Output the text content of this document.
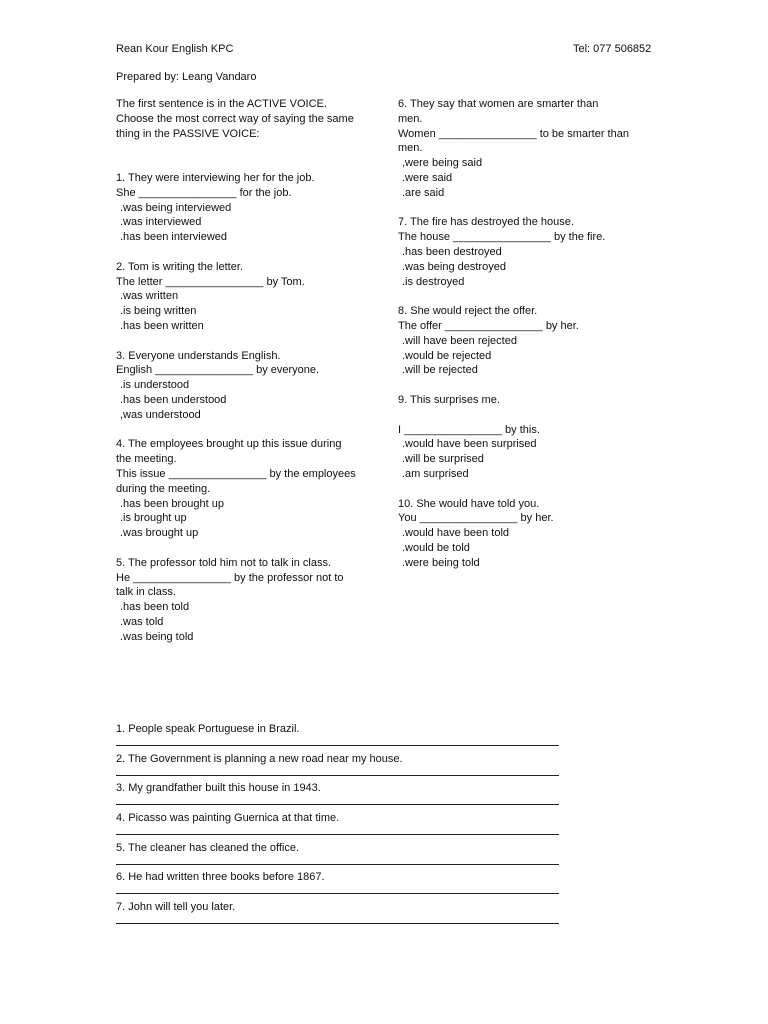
Rean Kour English KPC	Tel: 077 506852
Prepared by: Leang Vandaro
The first sentence is in the ACTIVE VOICE.
Choose the most correct way of saying the same
thing in the PASSIVE VOICE:
1. They were interviewing her for the job.
She ________________ for the job.
.was being interviewed
.was interviewed
.has been interviewed
2. Tom is writing the letter.
The letter ________________ by Tom.
.was written
.is being written
.has been written
3. Everyone understands English.
English ________________ by everyone.
.is understood
.has been understood
,was understood
4. The employees brought up this issue during
the meeting.
This issue ________________ by the employees
during the meeting.
.has been brought up
.is brought up
.was brought up
5. The professor told him not to talk in class.
He ________________ by the professor not to
talk in class.
.has been told
.was told
.was being told
6. They say that women are smarter than
men.
Women ________________ to be smarter than
men.
,were being said
.were said
.are said
7. The fire has destroyed the house.
The house ________________ by the fire.
.has been destroyed
.was being destroyed
.is destroyed
8. She would reject the offer.
The offer ________________ by her.
.will have been rejected
.would be rejected
.will be rejected
9. This surprises me.

I ________________ by this.
.would have been surprised
.will be surprised
.am surprised
10. She would have told you.
You ________________ by her.
.would have been told
.would be told
.were being told
1. People speak Portuguese in Brazil.
2. The Government is planning a new road near my house.
3. My grandfather built this house in 1943.
4. Picasso was painting Guernica at that time.
5. The cleaner has cleaned the office.
6. He had written three books before 1867.
7. John will tell you later.
